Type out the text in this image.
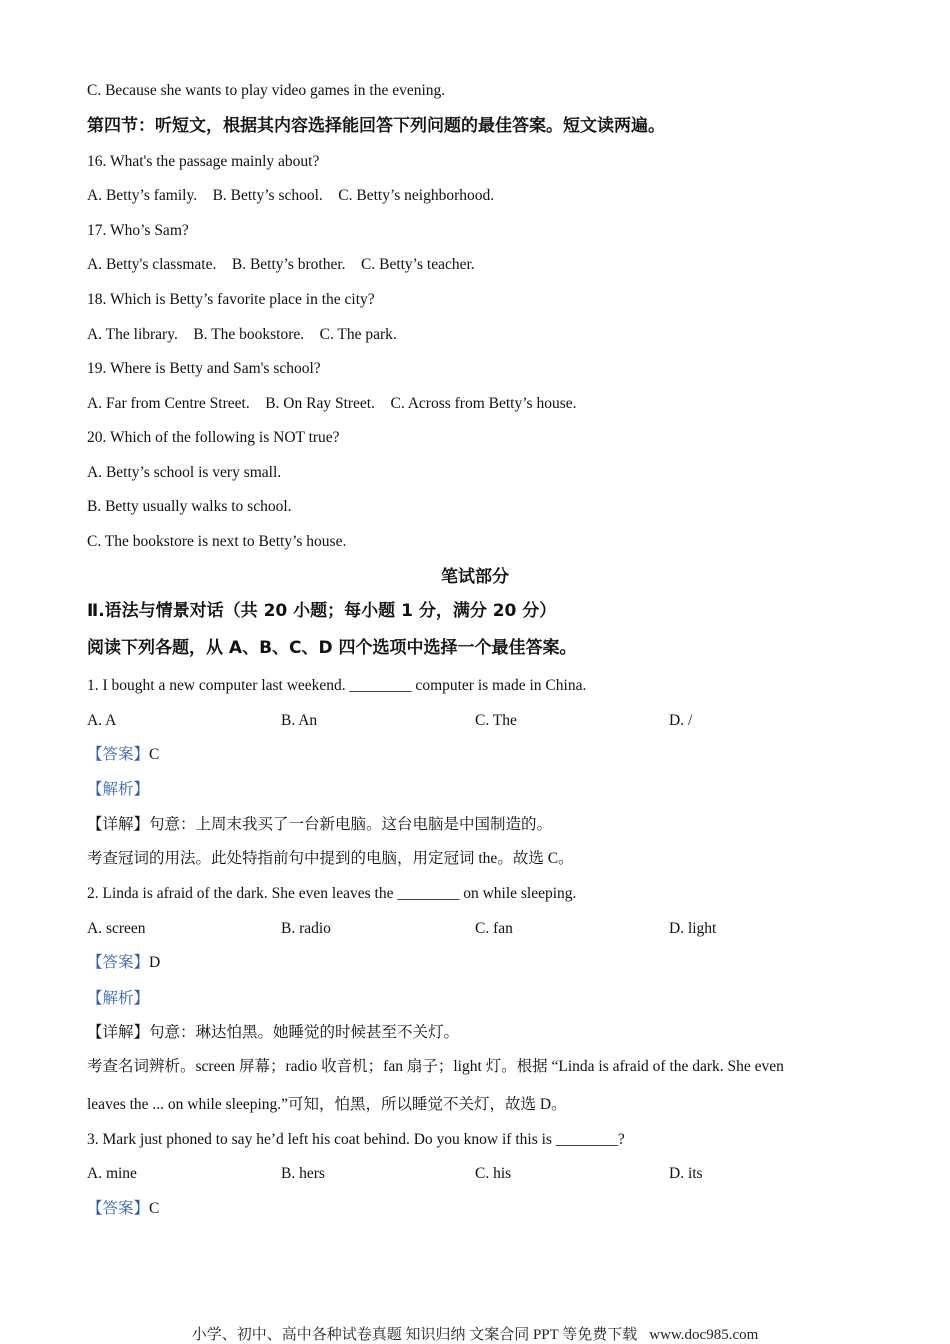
C. Because she wants to play video games in the evening.
第四节：听短文，根据其内容选择能回答下列问题的最佳答案。短文读两遍。
16. What's the passage mainly about?
A. Betty’s family.    B. Betty’s school.    C. Betty’s neighborhood.
17. Who’s Sam?
A. Betty's classmate.    B. Betty’s brother.    C. Betty’s teacher.
18. Which is Betty’s favorite place in the city?
A. The library.    B. The bookstore.    C. The park.
19. Where is Betty and Sam's school?
A. Far from Centre Street.    B. On Ray Street.    C. Across from Betty’s house.
20. Which of the following is NOT true?
A. Betty’s school is very small.
B. Betty usually walks to school.
C. The bookstore is next to Betty’s house.
笔试部分
Ⅱ.语法与情景对话（共 20 小题；每小题 1 分，满分 20 分）
阅读下列各题，从 A、B、C、D 四个选项中选择一个最佳答案。
1. I bought a new computer last weekend. ________ computer is made in China.
A. A	B. An	C. The	D. /
【答案】C
【解析】
【详解】句意：上周末我买了一台新电脑。这台电脑是中国制造的。
考查冠词的用法。此处特指前句中提到的电脑，用定冠词 the。故选 C。
2. Linda is afraid of the dark. She even leaves the ________ on while sleeping.
A. screen	B. radio	C. fan	D. light
【答案】D
【解析】
【详解】句意：琳达怕黑。她睡觉的时候甚至不关灯。
考查名词辨析。screen 屏幕；radio 收音机；fan 扇子；light 灯。根据 “Linda is afraid of the dark. She even
leaves the ... on while sleeping.”可知，怕黑，所以睡觉不关灯，故选 D。
3. Mark just phoned to say he’d left his coat behind. Do you know if this is ________?
A. mine	B. hers	C. his	D. its
【答案】C
小学、初中、高中各种试卷真题 知识归纳 文案合同 PPT 等免费下载 www.doc985.com
